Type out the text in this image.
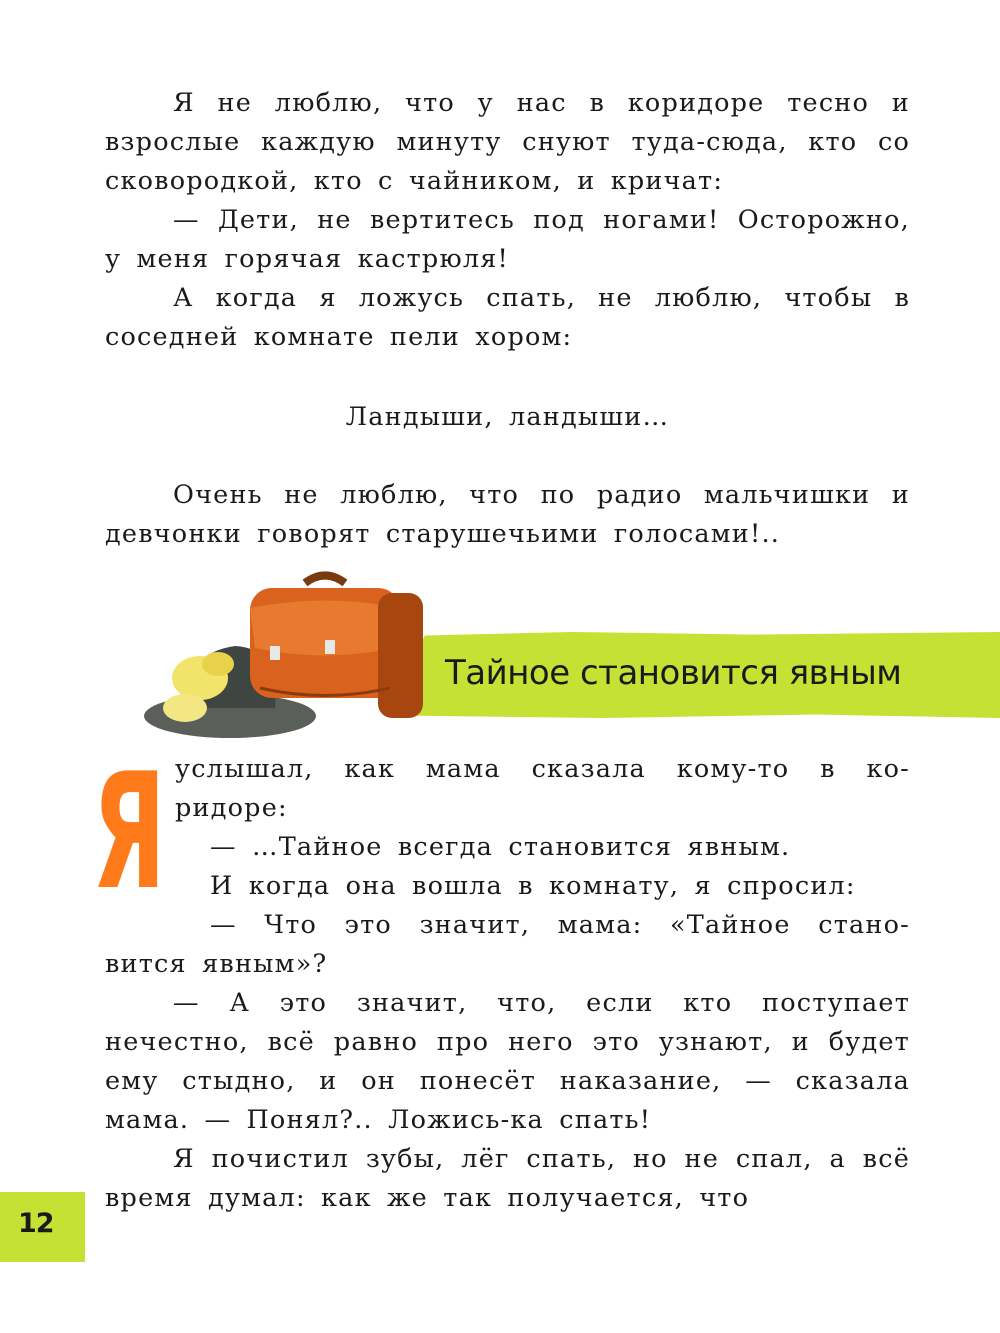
Я не люблю, что у нас в коридоре тесно и взрослые каждую минуту снуют туда-сюда, кто со сковородкой, кто с чайником, и кричат:

— Дети, не вертитесь под ногами! Осторожно, у меня горячая кастрюля!

А когда я ложусь спать, не люблю, чтобы в соседней комнате пели хором:

Ландыши, ландыши…

Очень не люблю, что по радио мальчишки и девчонки говорят старушечьими голосами!..

Тайное становится явным
Я услышал, как мама сказала кому-то в ко-

ридоре:

— …Тайное всегда становится явным.

И когда она вошла в комнату, я спросил:

— Что это значит, мама: «Тайное стано-

вится явным»?

— А это значит, что, если кто поступает нечестно, всё равно про него это узнают, и будет ему стыдно, и он понесёт наказание, — сказала мама. — Понял?.. Ложись-ка спать!

Я почистил зубы, лёг спать, но не спал, а всё время думал: как же так получается, что

12
